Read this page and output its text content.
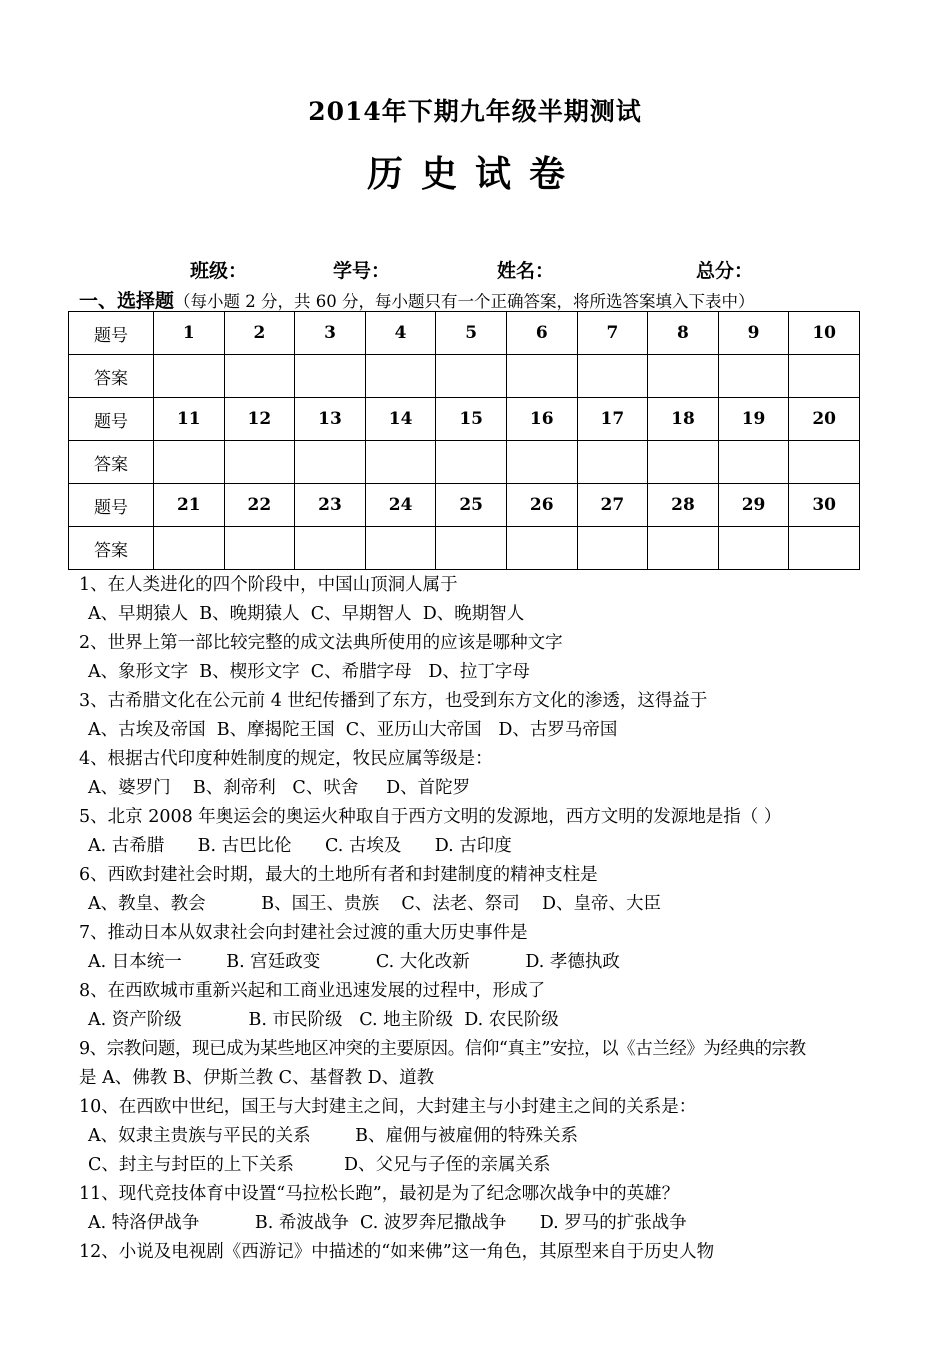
2014年下期九年级半期测试
历史试卷
班级：	学号：	姓名：	总分：
一、选择题（每小题 2 分，共 60 分，每小题只有一个正确答案，将所选答案填入下表中）
题号	1	2	3	4	5	6	7	8	9	10
答案										
题号	11	12	13	14	15	16	17	18	19	20
答案										
题号	21	22	23	24	25	26	27	28	29	30
答案										
1、在人类进化的四个阶段中，中国山顶洞人属于
A、早期猿人  B、晚期猿人  C、早期智人  D、晚期智人
2、世界上第一部比较完整的成文法典所使用的应该是哪种文字
A、象形文字  B、楔形文字  C、希腊字母   D、拉丁字母
3、古希腊文化在公元前 4 世纪传播到了东方，也受到东方文化的渗透，这得益于
A、古埃及帝国  B、摩揭陀王国  C、亚历山大帝国   D、古罗马帝国
4、根据古代印度种姓制度的规定，牧民应属等级是：
A、婆罗门    B、刹帝利   C、吠舍     D、首陀罗
5、北京 2008 年奥运会的奥运火种取自于西方文明的发源地，西方文明的发源地是指（ ）
A. 古希腊      B. 古巴比伦      C. 古埃及      D. 古印度
6、西欧封建社会时期，最大的土地所有者和封建制度的精神支柱是
A、教皇、教会          B、国王、贵族    C、法老、祭司    D、皇帝、大臣
7、推动日本从奴隶社会向封建社会过渡的重大历史事件是
A. 日本统一        B. 宫廷政变          C. 大化改新          D. 孝德执政
8、在西欧城市重新兴起和工商业迅速发展的过程中，形成了
A. 资产阶级            B. 市民阶级   C. 地主阶级  D. 农民阶级
9、宗教问题，现已成为某些地区冲突的主要原因。信仰“真主”安拉，以《古兰经》为经典的宗教
是 A、佛教 B、伊斯兰教 C、基督教 D、道教
10、在西欧中世纪，国王与大封建主之间，大封建主与小封建主之间的关系是：
A、奴隶主贵族与平民的关系        B、雇佣与被雇佣的特殊关系
C、封主与封臣的上下关系         D、父兄与子侄的亲属关系
11、现代竞技体育中设置“马拉松长跑”，最初是为了纪念哪次战争中的英雄？
A. 特洛伊战争          B. 希波战争  C. 波罗奔尼撒战争      D. 罗马的扩张战争
12、小说及电视剧《西游记》中描述的“如来佛”这一角色，其原型来自于历史人物
